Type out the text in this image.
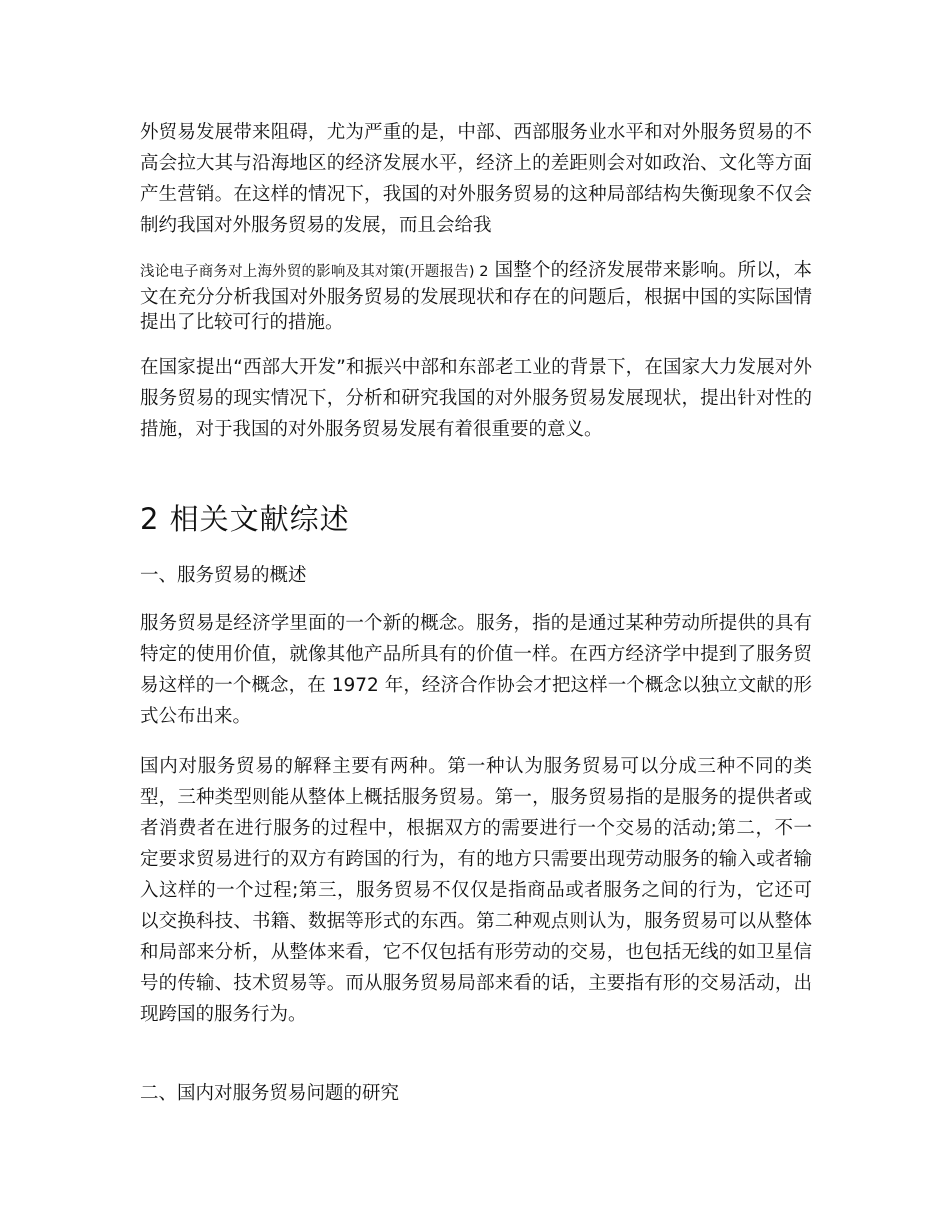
外贸易发展带来阻碍，尤为严重的是，中部、西部服务业水平和对外服务贸易的不高会拉大其与沿海地区的经济发展水平，经济上的差距则会对如政治、文化等方面产生营销。在这样的情况下，我国的对外服务贸易的这种局部结构失衡现象不仅会制约我国对外服务贸易的发展，而且会给我

浅论电子商务对上海外贸的影响及其对策(开题报告) 2 国整个的经济发展带来影响。所以，本文在充分分析我国对外服务贸易的发展现状和存在的问题后，根据中国的实际国情提出了比较可行的措施。

在国家提出“西部大开发”和振兴中部和东部老工业的背景下，在国家大力发展对外服务贸易的现实情况下，分析和研究我国的对外服务贸易发展现状，提出针对性的措施，对于我国的对外服务贸易发展有着很重要的意义。

2 相关文献综述
一、服务贸易的概述

服务贸易是经济学里面的一个新的概念。服务，指的是通过某种劳动所提供的具有特定的使用价值，就像其他产品所具有的价值一样。在西方经济学中提到了服务贸易这样的一个概念，在 1972 年，经济合作协会才把这样一个概念以独立文献的形式公布出来。

国内对服务贸易的解释主要有两种。第一种认为服务贸易可以分成三种不同的类型，三种类型则能从整体上概括服务贸易。第一，服务贸易指的是服务的提供者或者消费者在进行服务的过程中，根据双方的需要进行一个交易的活动;第二，不一定要求贸易进行的双方有跨国的行为，有的地方只需要出现劳动服务的输入或者输入这样的一个过程;第三，服务贸易不仅仅是指商品或者服务之间的行为，它还可以交换科技、书籍、数据等形式的东西。第二种观点则认为，服务贸易可以从整体和局部来分析，从整体来看，它不仅包括有形劳动的交易，也包括无线的如卫星信号的传输、技术贸易等。而从服务贸易局部来看的话，主要指有形的交易活动，出现跨国的服务行为。

二、国内对服务贸易问题的研究
